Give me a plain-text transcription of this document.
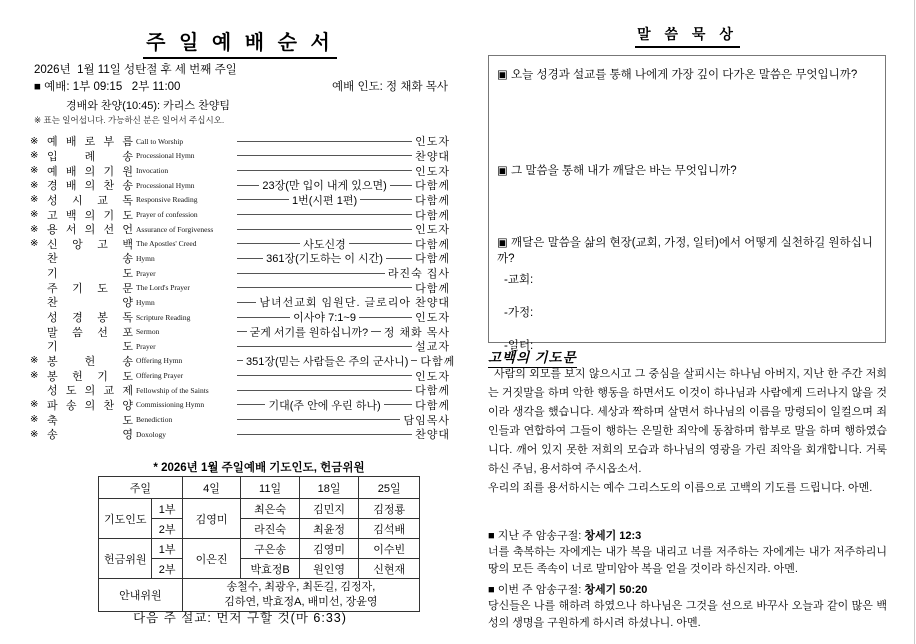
주 일 예 배 순 서
2026년  1월 11일 성탄절 후 세 번째 주일
■ 예배: 1부 09:15   2부 11:00	예배 인도: 정 채화 목사
경배와 찬양(10:45): 카리스 찬양팀
※ 표는 일어섭니다. 가능하신 분은 일어서 주십시오.
※ 예 배 로 부 름 Call to Worship	인도자
※ 입 례 송 Processional Hymn	찬양대
※ 예 배 의 기 원 Invocation	인도자
※ 경 배 의 찬 송 Processional Hymn	23장(만 입이 내게 있으면)	다함께
※ 성 시 교 독 Responsive Reading	1번(시편 1편)	다함께
※ 고 백 의 기 도 Prayer of confession	다함께
※ 용 서 의 선 언 Assurance of Forgiveness	인도자
※ 신 앙 고 백 The Apostles' Creed	사도신경	다함께
찬 송 Hymn	361장(기도하는 이 시간)	다함께
기 도 Prayer	라진숙 집사
주 기 도 문 The Lord's Prayer	다함께
찬 양 Hymn	남녀선교회 임원단. 글로리아 찬양대
성 경 봉 독 Scripture Reading	이사야 7:1~9	인도자
말 씀 선 포 Sermon	굳게 서기를 원하십니까? 정 채화 목사
기 도 Prayer	설교자
※ 봉 헌 송 Offering Hymn	351장(믿는 사람들은 주의 군사니) 다함께
※ 봉 헌 기 도 Offering Prayer	인도자
성 도 의 교 제 Fellowship of the Saints	다함께
※ 파 송 의 찬 양 Commissioning Hymn	기대(주 안에 우린 하나)	다함께
※ 축 도 Benediction	담임목사
※ 송 영 Doxology	찬양대
* 2026년 1월 주일예배 기도인도, 헌금위원
주일		4일	11일	18일	25일
기도인도	1부	김영미	최은숙	김민지	김정룡
	2부		라진숙	최윤정	김석배
헌금위원	1부	이은진	구은송	김영미	이수빈
	2부		박효정B	원인영	신현재
안내위원		송철수, 최광우, 최돈길, 김정자,
김하연, 박효정A, 배미선, 장윤영			
다음 주 설교: 먼저 구할 것(마 6:33)
말 씀 묵 상
▣ 오늘 성경과 설교를 통해 나에게 가장 깊이 다가온 말씀은 무엇입니까?
▣ 그 말씀을 통해 내가 깨달은 바는 무엇입니까?
▣ 깨달은 말씀을 삶의 현장(교회, 가정, 일터)에서 어떻게 실천하길 원하십니까?
-교회:
-가정:
-일터:
고백의 기도문

사람의 외모를 보지 않으시고 그 중심을 살피시는 하나님 아버지, 지난 한 주간 저희는 거짓말을 하며 악한 행동을 하면서도 이것이 하나님과 사람에게 드러나지 않을 것이라 생각을 했습니다. 세상과 짝하며 살면서 하나님의 이름을 망령되이 일컬으며 죄인들과 연합하여 그들이 행하는 은밀한 죄악에 동참하며 함부로 말을 하며 행하였습니다. 깨어 있지 못한 저희의 모습과 하나님의 영광을 가린 죄악을 회개합니다. 거룩하신 주님, 용서하여 주시옵소서.

우리의 죄를 용서하시는 예수 그리스도의 이름으로 고백의 기도를 드립니다. 아멘.

■ 지난 주 암송구절: 창세기 12:3
너를 축복하는 자에게는 내가 복을 내리고 너를 저주하는 자에게는 내가 저주하리니 땅의 모든 족속이 너로 말미암아 복을 얻을 것이라 하신지라. 아멘.
■ 이번 주 암송구절: 창세기 50:20
당신들은 나를 해하려 하였으나 하나님은 그것을 선으로 바꾸사 오늘과 같이 많은 백성의 생명을 구원하게 하시려 하셨나니. 아멘.
